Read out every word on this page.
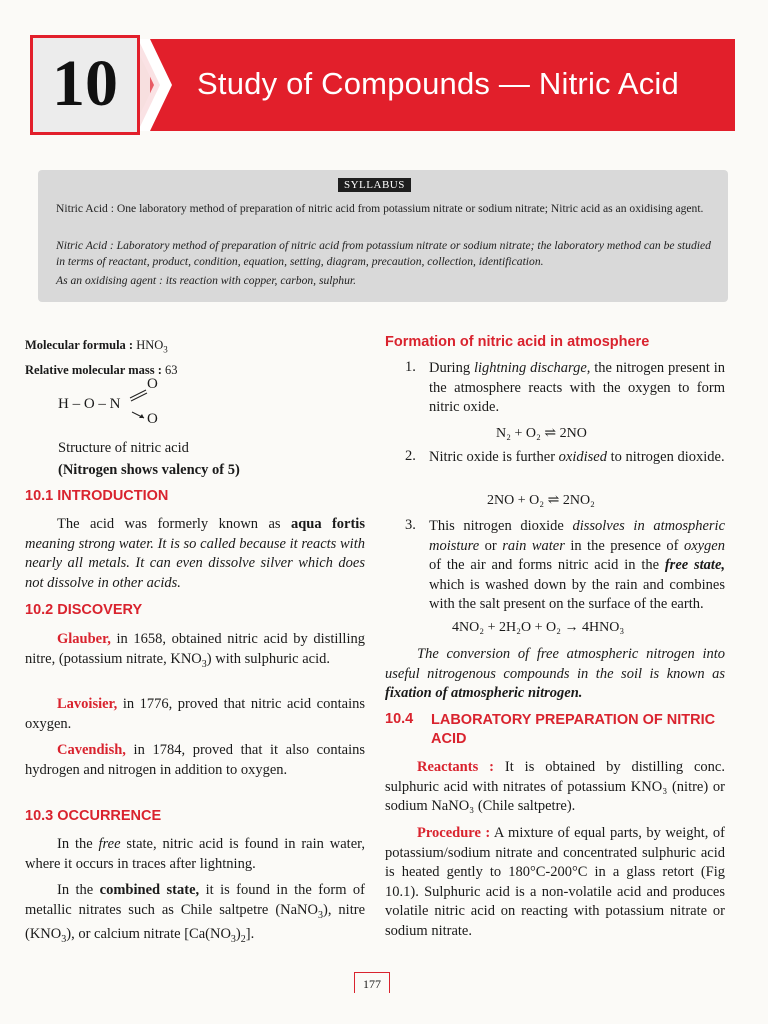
10	Study of Compounds — Nitric Acid
SYLLABUS
Nitric Acid : One laboratory method of preparation of nitric acid from potassium nitrate or sodium nitrate; Nitric acid as an oxidising agent.
Nitric Acid : Laboratory method of preparation of nitric acid from potassium nitrate or sodium nitrate; the laboratory method can be studied in terms of reactant, product, condition, equation, setting, diagram, precaution, collection, identification.
As an oxidising agent : its reaction with copper, carbon, sulphur.
Molecular formula : $HNO_3$
Relative molecular mass : 63
H – O – N
O
O
Structure of nitric acid
(Nitrogen shows valency of 5)
10.1 INTRODUCTION
The acid was formerly known as aqua fortis meaning strong water. It is so called because it reacts with nearly all metals. It can even dissolve silver which does not dissolve in other acids.
10.2 DISCOVERY
Glauber, in 1658, obtained nitric acid by distilling nitre, (potassium nitrate, $KNO_3$) with sulphuric acid.
Lavoisier, in 1776, proved that nitric acid contains oxygen.
Cavendish, in 1784, proved that it also contains hydrogen and nitrogen in addition to oxygen.
10.3 OCCURRENCE
In the free state, nitric acid is found in rain water, where it occurs in traces after lightning.
In the combined state, it is found in the form of metallic nitrates such as Chile saltpetre (NaNO$_3$), nitre $(KNO_3)$, or calcium nitrate $[Ca(NO_3)_2]$.
Formation of nitric acid in atmosphere
1. During lightning discharge, the nitrogen present in the atmosphere reacts with the oxygen to form nitric oxide.
N₂ + O₂ ⇌ 2NO
2. Nitric oxide is further oxidised to nitrogen dioxide.
2NO + O₂ ⇌ 2NO₂
3. This nitrogen dioxide dissolves in atmospheric moisture or rain water in the presence of oxygen of the air and forms nitric acid in the free state, which is washed down by the rain and combines with the salt present on the surface of the earth.
4NO₂ + 2H₂O + O₂ → 4HNO₃
The conversion of free atmospheric nitrogen into useful nitrogenous compounds in the soil is known as fixation of atmospheric nitrogen.
10.4 LABORATORY PREPARATION OF NITRIC ACID
Reactants : It is obtained by distilling conc. sulphuric acid with nitrates of potassium KNO₃ (nitre) or sodium NaNO₃ (Chile saltpetre).
Procedure : A mixture of equal parts, by weight, of potassium/sodium nitrate and concentrated sulphuric acid is heated gently to 180°C-200°C in a glass retort (Fig 10.1). Sulphuric acid is a non-volatile acid and produces volatile nitric acid on reacting with potassium nitrate or sodium nitrate.
177
